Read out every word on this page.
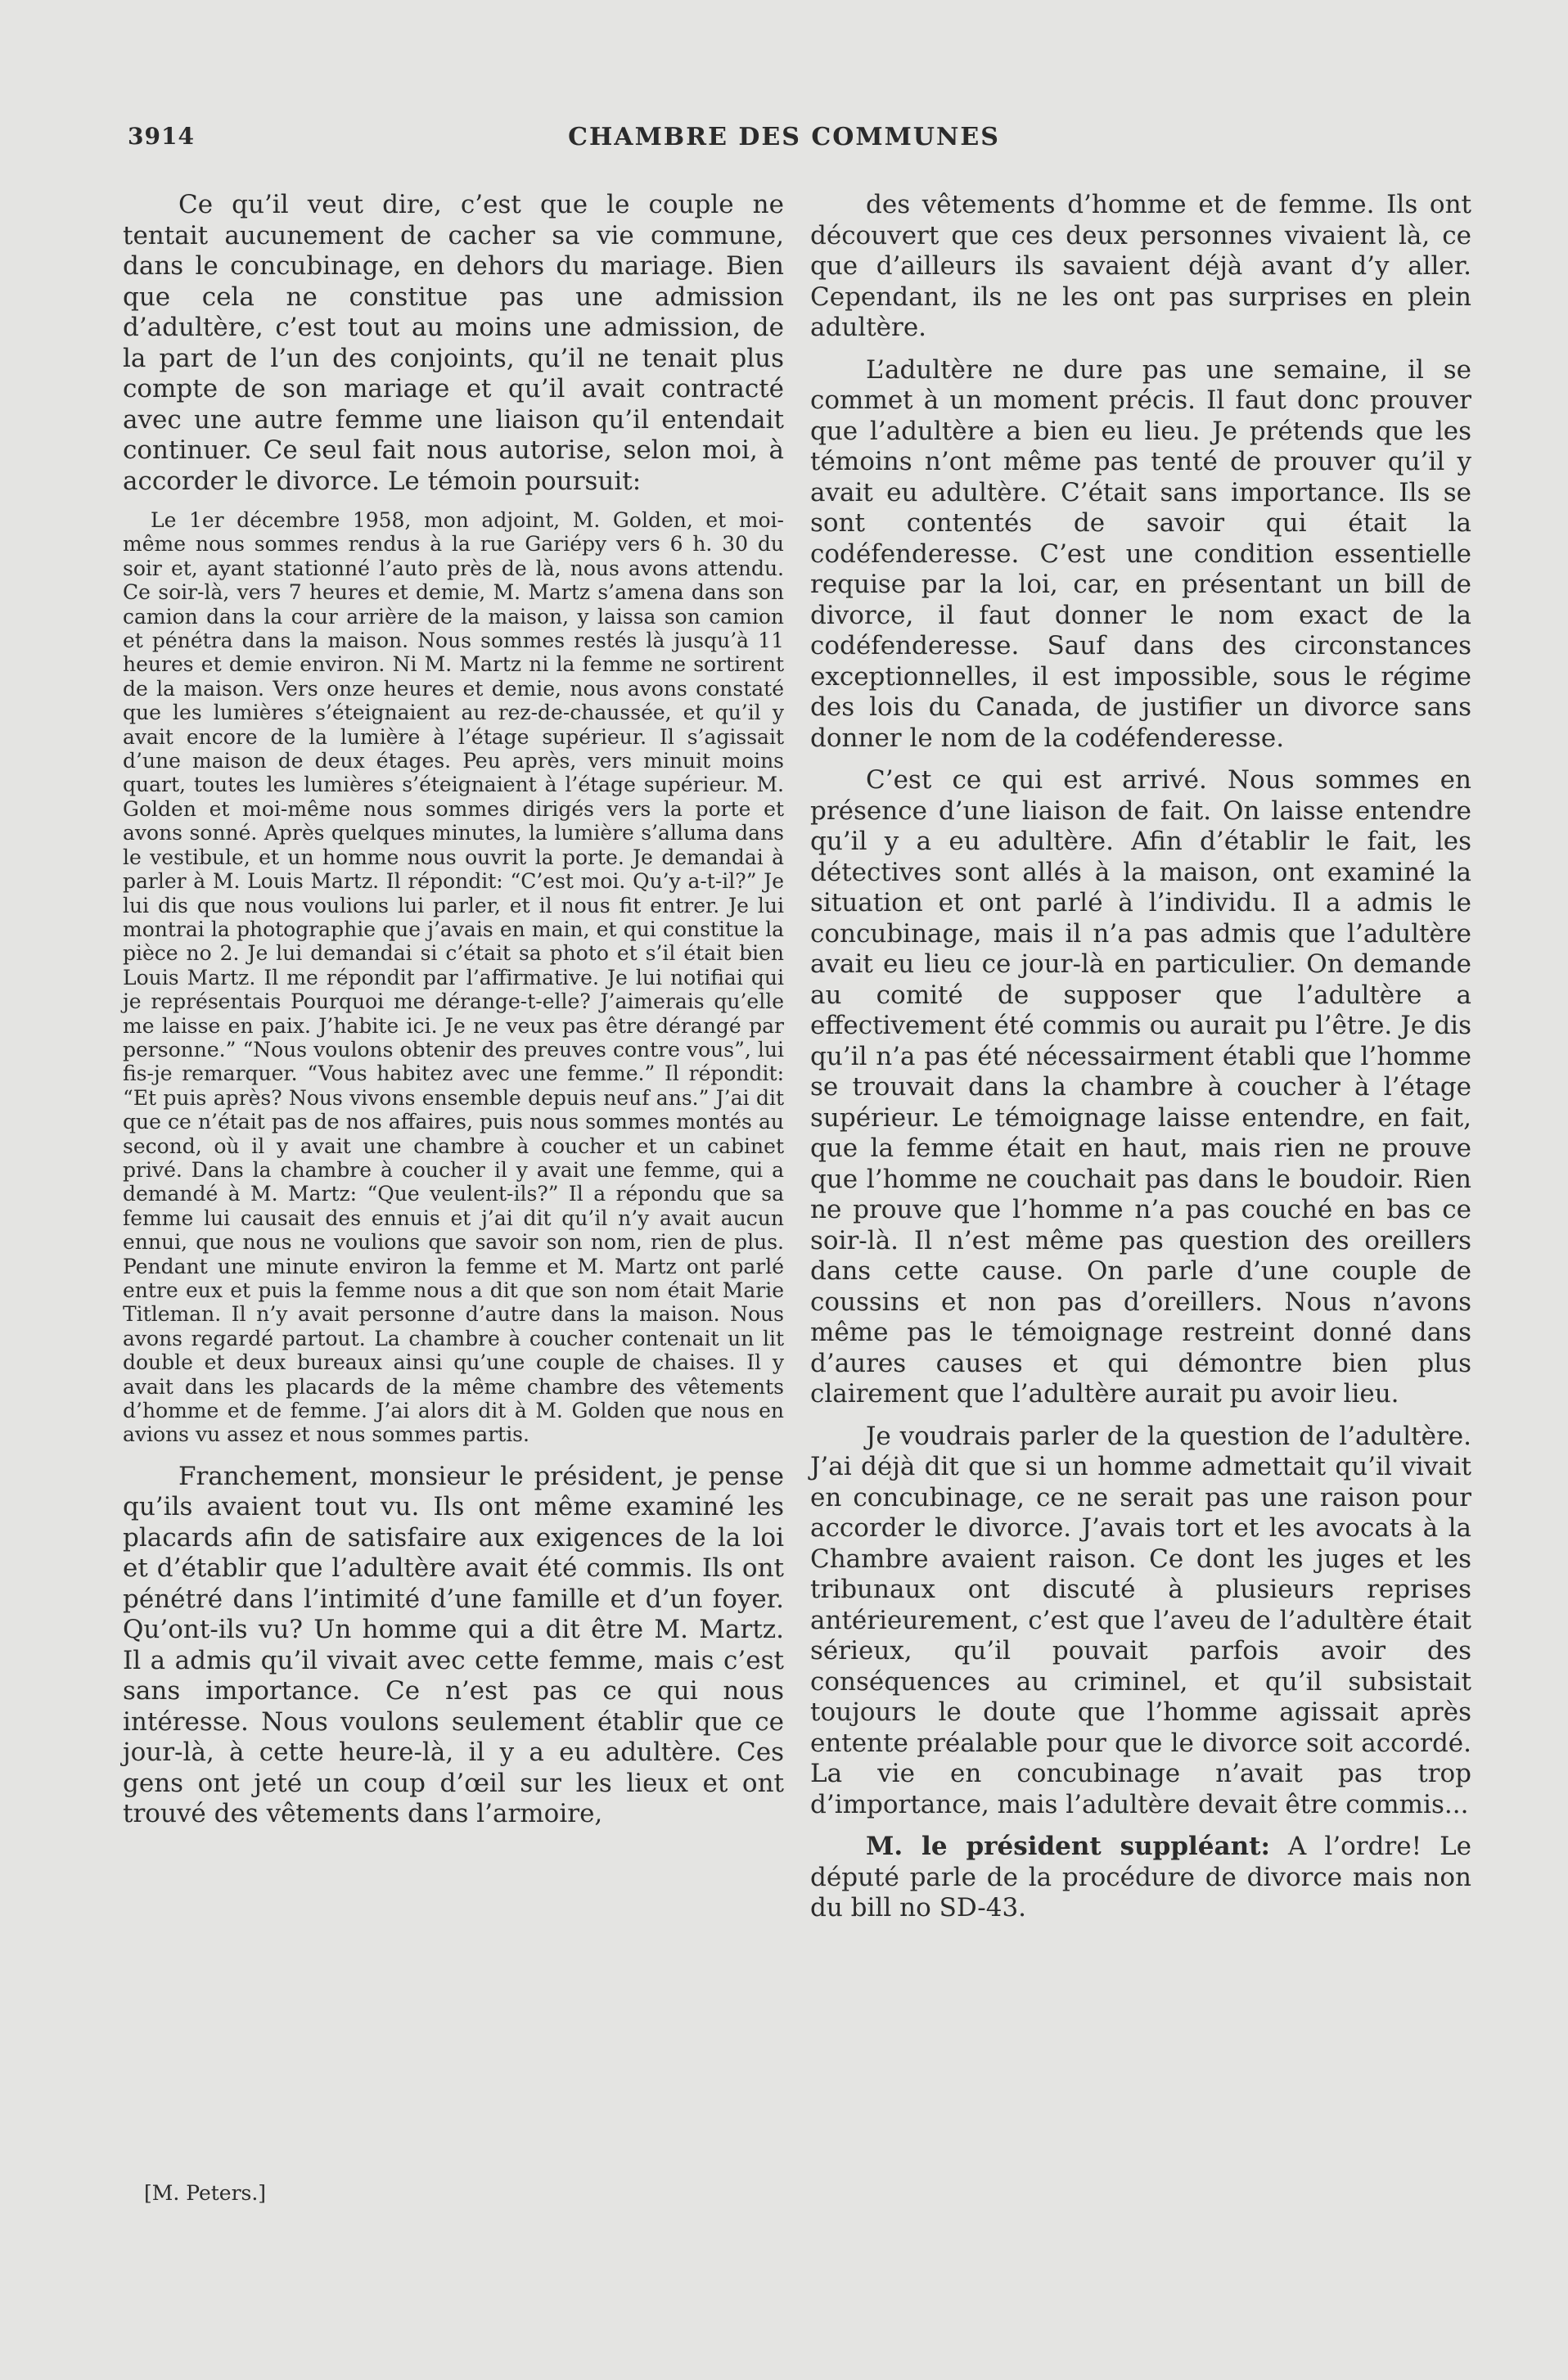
3914	CHAMBRE DES COMMUNES

Ce qu’il veut dire, c’est que le couple ne tentait aucunement de cacher sa vie commune, dans le concubinage, en dehors du mariage. Bien que cela ne constitue pas une admission d’adultère, c’est tout au moins une admission, de la part de l’un des conjoints, qu’il ne tenait plus compte de son mariage et qu’il avait contracté avec une autre femme une liaison qu’il entendait continuer. Ce seul fait nous autorise, selon moi, à accorder le divorce. Le témoin poursuit:

Le 1er décembre 1958, mon adjoint, M. Golden, et moi-même nous sommes rendus à la rue Gariépy vers 6 h. 30 du soir et, ayant stationné l’auto près de là, nous avons attendu. Ce soir-là, vers 7 heures et demie, M. Martz s’amena dans son camion dans la cour arrière de la maison, y laissa son camion et pénétra dans la maison. Nous sommes restés là jusqu’à 11 heures et demie environ. Ni M. Martz ni la femme ne sortirent de la maison. Vers onze heures et demie, nous avons constaté que les lumières s’éteignaient au rez-de-chaussée, et qu’il y avait encore de la lumière à l’étage supérieur. Il s’agissait d’une maison de deux étages. Peu après, vers minuit moins quart, toutes les lumières s’éteignaient à l’étage supérieur. M. Golden et moi-même nous sommes dirigés vers la porte et avons sonné. Après quelques minutes, la lumière s’alluma dans le vestibule, et un homme nous ouvrit la porte. Je demandai à parler à M. Louis Martz. Il répondit: “C’est moi. Qu’y a-t-il?” Je lui dis que nous voulions lui parler, et il nous fit entrer. Je lui montrai la photographie que j’avais en main, et qui constitue la pièce no 2. Je lui demandai si c’était sa photo et s’il était bien Louis Martz. Il me répondit par l’affirmative. Je lui notifiai qui je représentais Pourquoi me dérange-t-elle? J’aimerais qu’elle me laisse en paix. J’habite ici. Je ne veux pas être dérangé par personne.” “Nous voulons obtenir des preuves contre vous”, lui fis-je remarquer. “Vous habitez avec une femme.” Il répondit: “Et puis après? Nous vivons ensemble depuis neuf ans.” J’ai dit que ce n’était pas de nos affaires, puis nous sommes montés au second, où il y avait une chambre à coucher et un cabinet privé. Dans la chambre à coucher il y avait une femme, qui a demandé à M. Martz: “Que veulent-ils?” Il a répondu que sa femme lui causait des ennuis et j’ai dit qu’il n’y avait aucun ennui, que nous ne voulions que savoir son nom, rien de plus. Pendant une minute environ la femme et M. Martz ont parlé entre eux et puis la femme nous a dit que son nom était Marie Titleman. Il n’y avait personne d’autre dans la maison. Nous avons regardé partout. La chambre à coucher contenait un lit double et deux bureaux ainsi qu’une couple de chaises. Il y avait dans les placards de la même chambre des vêtements d’homme et de femme. J’ai alors dit à M. Golden que nous en avions vu assez et nous sommes partis.

Franchement, monsieur le président, je pense qu’ils avaient tout vu. Ils ont même examiné les placards afin de satisfaire aux exigences de la loi et d’établir que l’adultère avait été commis. Ils ont pénétré dans l’intimité d’une famille et d’un foyer. Qu’ont-ils vu? Un homme qui a dit être M. Martz. Il a admis qu’il vivait avec cette femme, mais c’est sans importance. Ce n’est pas ce qui nous intéresse. Nous voulons seulement établir que ce jour-là, à cette heure-là, il y a eu adultère. Ces gens ont jeté un coup d’œil sur les lieux et ont trouvé des vêtements dans l’armoire,

des vêtements d’homme et de femme. Ils ont découvert que ces deux personnes vivaient là, ce que d’ailleurs ils savaient déjà avant d’y aller. Cependant, ils ne les ont pas surprises en plein adultère.

L’adultère ne dure pas une semaine, il se commet à un moment précis. Il faut donc prouver que l’adultère a bien eu lieu. Je prétends que les témoins n’ont même pas tenté de prouver qu’il y avait eu adultère. C’était sans importance. Ils se sont contentés de savoir qui était la codéfenderesse. C’est une condition essentielle requise par la loi, car, en présentant un bill de divorce, il faut donner le nom exact de la codéfenderesse. Sauf dans des circonstances exceptionnelles, il est impossible, sous le régime des lois du Canada, de justifier un divorce sans donner le nom de la codéfenderesse.

C’est ce qui est arrivé. Nous sommes en présence d’une liaison de fait. On laisse entendre qu’il y a eu adultère. Afin d’établir le fait, les détectives sont allés à la maison, ont examiné la situation et ont parlé à l’individu. Il a admis le concubinage, mais il n’a pas admis que l’adultère avait eu lieu ce jour-là en particulier. On demande au comité de supposer que l’adultère a effectivement été commis ou aurait pu l’être. Je dis qu’il n’a pas été nécessairment établi que l’homme se trouvait dans la chambre à coucher à l’étage supérieur. Le témoignage laisse entendre, en fait, que la femme était en haut, mais rien ne prouve que l’homme ne couchait pas dans le boudoir. Rien ne prouve que l’homme n’a pas couché en bas ce soir-là. Il n’est même pas question des oreillers dans cette cause. On parle d’une couple de coussins et non pas d’oreillers. Nous n’avons même pas le témoignage restreint donné dans d’aures causes et qui démontre bien plus clairement que l’adultère aurait pu avoir lieu.

Je voudrais parler de la question de l’adultère. J’ai déjà dit que si un homme admettait qu’il vivait en concubinage, ce ne serait pas une raison pour accorder le divorce. J’avais tort et les avocats à la Chambre avaient raison. Ce dont les juges et les tribunaux ont discuté à plusieurs reprises antérieurement, c’est que l’aveu de l’adultère était sérieux, qu’il pouvait parfois avoir des conséquences au criminel, et qu’il subsistait toujours le doute que l’homme agissait après entente préalable pour que le divorce soit accordé. La vie en concubinage n’avait pas trop d’importance, mais l’adultère devait être commis...

M. le président suppléant: A l’ordre! Le député parle de la procédure de divorce mais non du bill no SD-43.

[M. Peters.]
